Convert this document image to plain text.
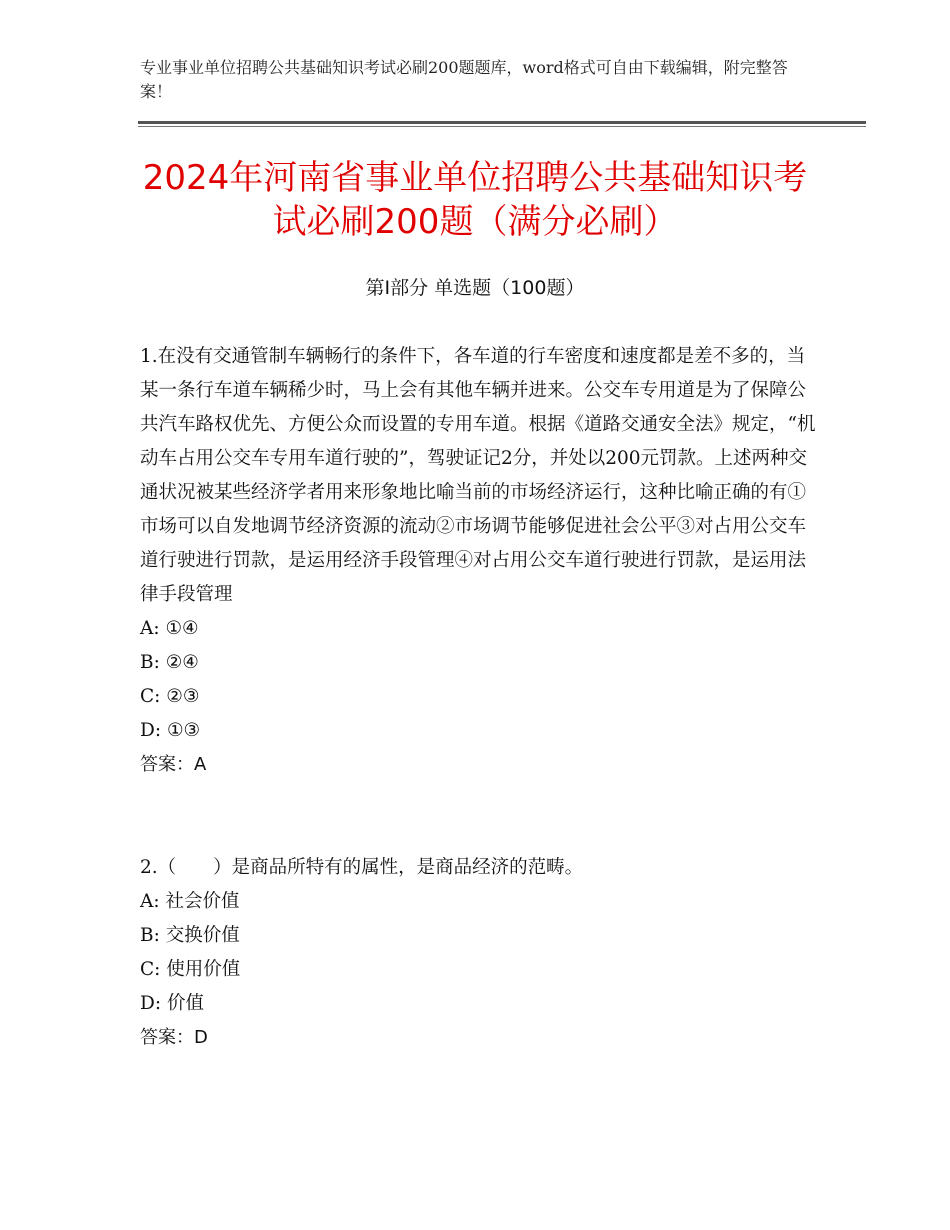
专业事业单位招聘公共基础知识考试必刷200题题库，word格式可自由下载编辑，附完整答案！
2024年河南省事业单位招聘公共基础知识考
试必刷200题（满分必刷）
第Ⅰ部分 单选题（100题）

1.在没有交通管制车辆畅行的条件下，各车道的行车密度和速度都是差不多的，当某一条行车道车辆稀少时，马上会有其他车辆并进来。公交车专用道是为了保障公共汽车路权优先、方便公众而设置的专用车道。根据《道路交通安全法》规定，“机动车占用公交车专用车道行驶的”，驾驶证记2分，并处以200元罚款。上述两种交通状况被某些经济学者用来形象地比喻当前的市场经济运行，这种比喻正确的有①市场可以自发地调节经济资源的流动②市场调节能够促进社会公平③对占用公交车道行驶进行罚款，是运用经济手段管理④对占用公交车道行驶进行罚款，是运用法律手段管理

A: ①④

B: ②④

C: ②③

D: ①③

答案：A

2.（　　）是商品所特有的属性，是商品经济的范畴。

A: 社会价值

B: 交换价值

C: 使用价值

D: 价值

答案：D
